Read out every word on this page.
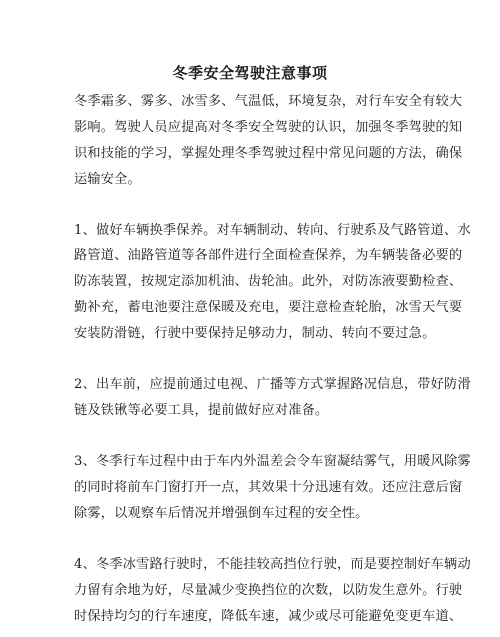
冬季安全驾驶注意事项
冬季霜多、雾多、冰雪多、气温低，环境复杂，对行车安全有较大
影响。驾驶人员应提高对冬季安全驾驶的认识，加强冬季驾驶的知
识和技能的学习，掌握处理冬季驾驶过程中常见问题的方法，确保
运输安全。
1、做好车辆换季保养。对车辆制动、转向、行驶系及气路管道、水
路管道、油路管道等各部件进行全面检查保养，为车辆装备必要的
防冻装置，按规定添加机油、齿轮油。此外，对防冻液要勤检查、
勤补充，蓄电池要注意保暖及充电，要注意检查轮胎，冰雪天气要
安装防滑链，行驶中要保持足够动力，制动、转向不要过急。
2、出车前，应提前通过电视、广播等方式掌握路况信息，带好防滑
链及铁锹等必要工具，提前做好应对准备。
3、冬季行车过程中由于车内外温差会令车窗凝结雾气，用暖风除雾
的同时将前车门窗打开一点，其效果十分迅速有效。还应注意后窗
除雾，以观察车后情况并增强倒车过程的安全性。
4、冬季冰雪路行驶时，不能挂较高挡位行驶，而是要控制好车辆动
力留有余地为好，尽量减少变换挡位的次数，以防发生意外。行驶
时保持均匀的行车速度，降低车速，减少或尽可能避免变更车道、
